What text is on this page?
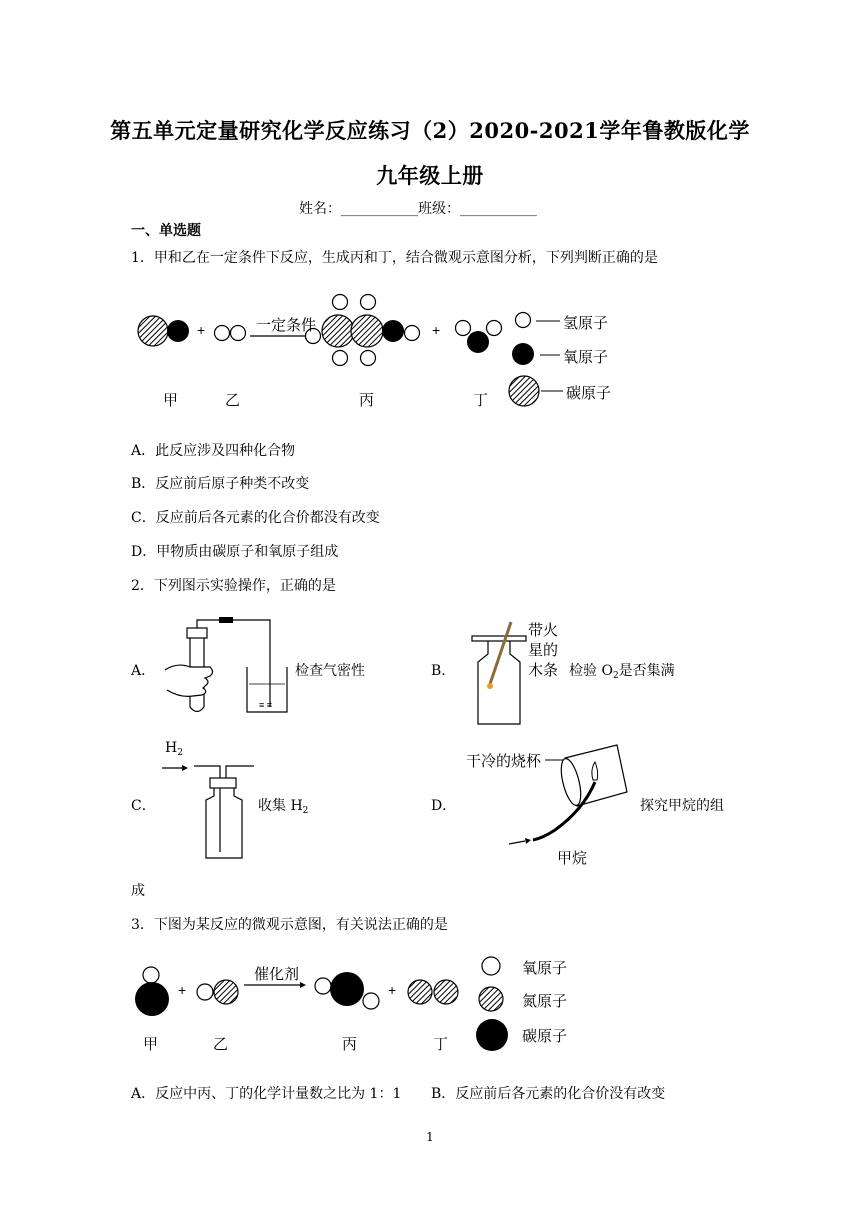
第五单元定量研究化学反应练习（2）2020-2021学年鲁教版化学
九年级上册
姓名：___________班级：___________
一、单选题
1．甲和乙在一定条件下反应，生成丙和丁，结合微观示意图分析，下列判断正确的是
+	+
一定条件	氢原子
氧原子
碳原子
甲	乙	丙	丁
A．此反应涉及四种化合物
B．反应前后原子种类不改变
C．反应前后各元素的化合价都没有改变
D．甲物质由碳原子和氧原子组成
2．下列图示实验操作，正确的是
A．
≡ ≡
检查气密性	B．
带火
星的
木条 检验 $O_2$是否集满
C．
$H_2$
收集 $H_2$	D．
干冷的烧杯
甲烷
探究甲烷的组
成
3．下图为某反应的微观示意图，有关说法正确的是
+	+
催化剂	氧原子
氮原子
碳原子
甲	乙	丙	丁
A．反应中丙、丁的化学计量数之比为 1：1 B．反应前后各元素的化合价没有改变
1
